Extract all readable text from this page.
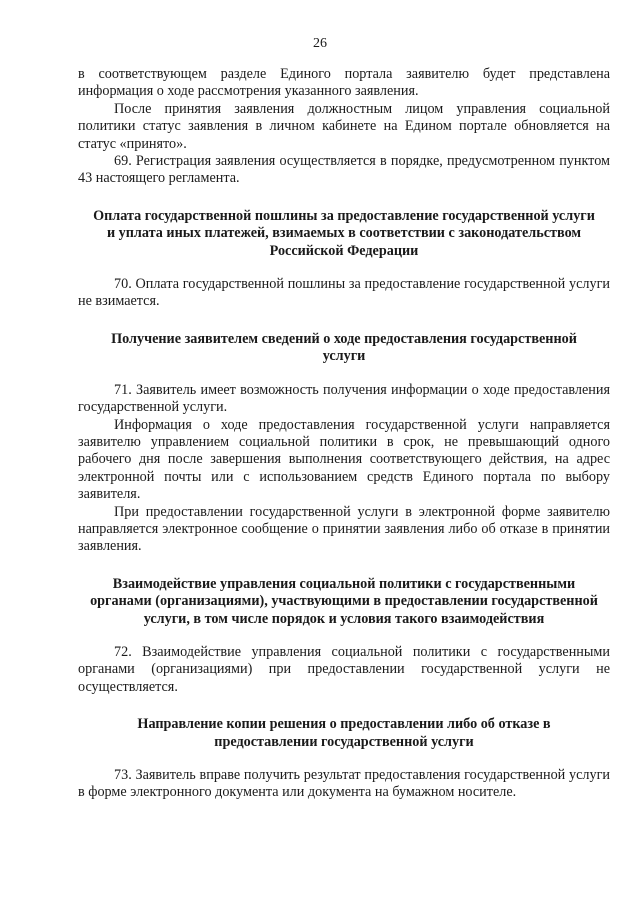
26

в соответствующем разделе Единого портала заявителю будет представлена информация о ходе рассмотрения указанного заявления.

После принятия заявления должностным лицом управления социальной политики статус заявления в личном кабинете на Едином портале обновляется на статус «принято».

69. Регистрация заявления осуществляется в порядке, предусмотренном пунктом 43 настоящего регламента.

Оплата государственной пошлины за предоставление государственной услуги и уплата иных платежей, взимаемых в соответствии с законодательством Российской Федерации

70. Оплата государственной пошлины за предоставление государственной услуги не взимается.

Получение заявителем сведений о ходе предоставления государственной услуги

71. Заявитель имеет возможность получения информации о ходе предоставления государственной услуги.

Информация о ходе предоставления государственной услуги направляется заявителю управлением социальной политики в срок, не превышающий одного рабочего дня после завершения выполнения соответствующего действия, на адрес электронной почты или с использованием средств Единого портала по выбору заявителя.

При предоставлении государственной услуги в электронной форме заявителю направляется электронное сообщение о принятии заявления либо об отказе в принятии заявления.

Взаимодействие управления социальной политики с государственными органами (организациями), участвующими в предоставлении государственной услуги, в том числе порядок и условия такого взаимодействия

72. Взаимодействие управления социальной политики с государственными органами (организациями) при предоставлении государственной услуги не осуществляется.

Направление копии решения о предоставлении либо об отказе в предоставлении государственной услуги

73. Заявитель вправе получить результат предоставления государственной услуги в форме электронного документа или документа на бумажном носителе.
